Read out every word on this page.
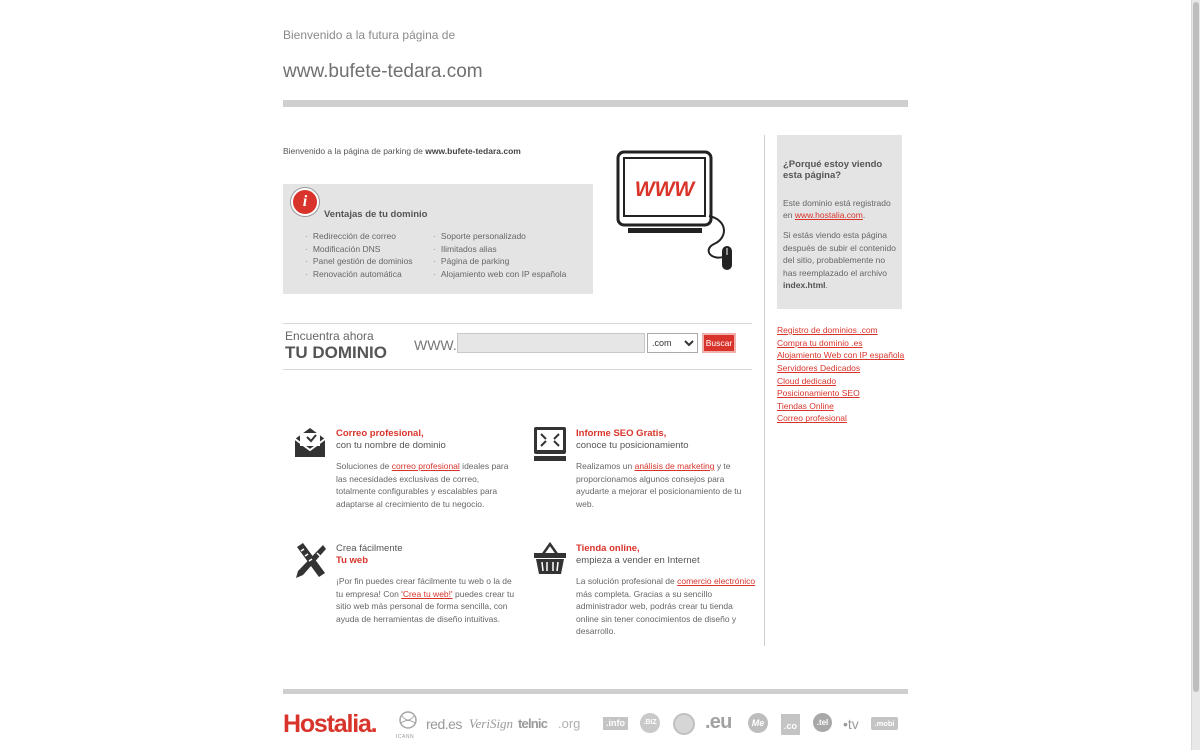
Bienvenido a la futura página de
www.bufete-tedara.com
Bienvenido a la página de parking de www.bufete-tedara.com
i
Ventajas de tu dominio
· Redirección de correo
· Modificación DNS
· Panel gestión de dominios
· Renovación automática
· Soporte personalizado
· Ilimitados alias
· Página de parking
· Alojamiento web con IP española
WWW
Encuentra ahora
TU DOMINIO WWW.
.com	Buscar
Correo profesional,
con tu nombre de dominio
Soluciones de correo profesional ideales para las necesidades exclusivas de correo, totalmente configurables y escalables para adaptarse al crecimiento de tu negocio.
Informe SEO Gratis,
conoce tu posicionamiento
Realizamos un análisis de marketing y te proporcionamos algunos consejos para ayudarte a mejorar el posicionamiento de tu web.
Crea fácilmente
Tu web
¡Por fin puedes crear fácilmente tu web o la de tu empresa! Con 'Crea tu web!' puedes crear tu sitio web más personal de forma sencilla, con ayuda de herramientas de diseño intuitivas.
Tienda online,
empieza a vender en Internet
La solución profesional de comercio electrónico más completa. Gracias a su sencillo administrador web, podrás crear tu tienda online sin tener conocimientos de diseño y desarrollo.
¿Porqué estoy viendo esta página?
Este dominio está registrado en www.hostalia.com.
Si estás viendo esta página después de subir el contenido del sitio, probablemente no has reemplazado el archivo index.html.
Registro de dominios .com
Compra tu dominio .es
Alojamiento Web con IP española
Servidores Dedicados
Cloud dedicado
Posicionamiento SEO
Tiendas Online
Correo profesional
Hostalia.	ICANN
red.es VeriSign telnic .org	.info	.BIZ .eu	Me	.co	.tel •tv	.mobi
